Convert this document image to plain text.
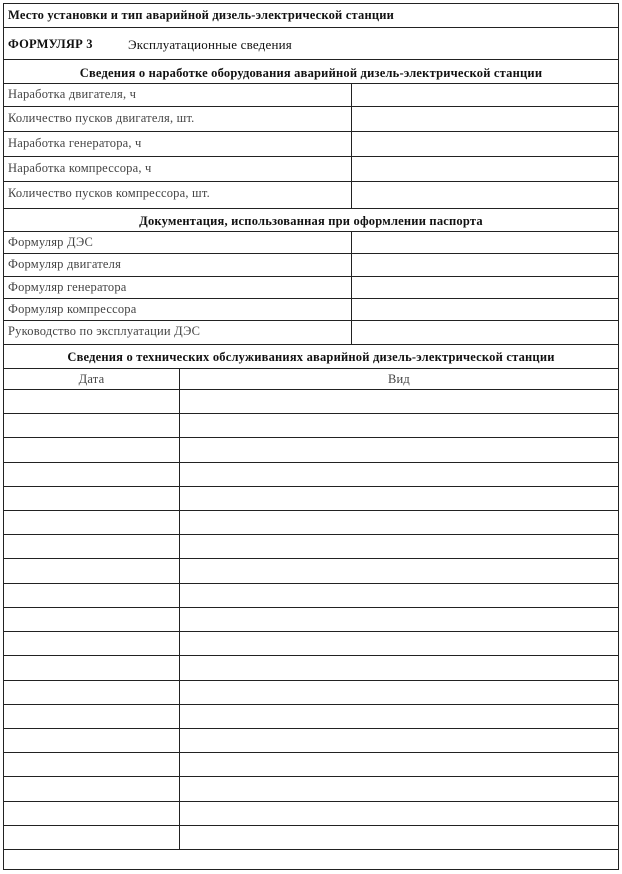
Место установки и тип аварийной дизель-электрической станции
ФОРМУЛЯР 3	Эксплуатационные сведения
Сведения о наработке оборудования аварийной дизель-электрической станции
Наработка двигателя, ч
Количество пусков двигателя, шт.
Наработка генератора, ч
Наработка компрессора, ч
Количество пусков компрессора, шт.
Документация, использованная при оформлении паспорта
Формуляр ДЭС
Формуляр двигателя
Формуляр генератора
Формуляр компрессора
Руководство по эксплуатации ДЭС
Сведения о технических обслуживаниях аварийной дизель-электрической станции
Дата	Вид
